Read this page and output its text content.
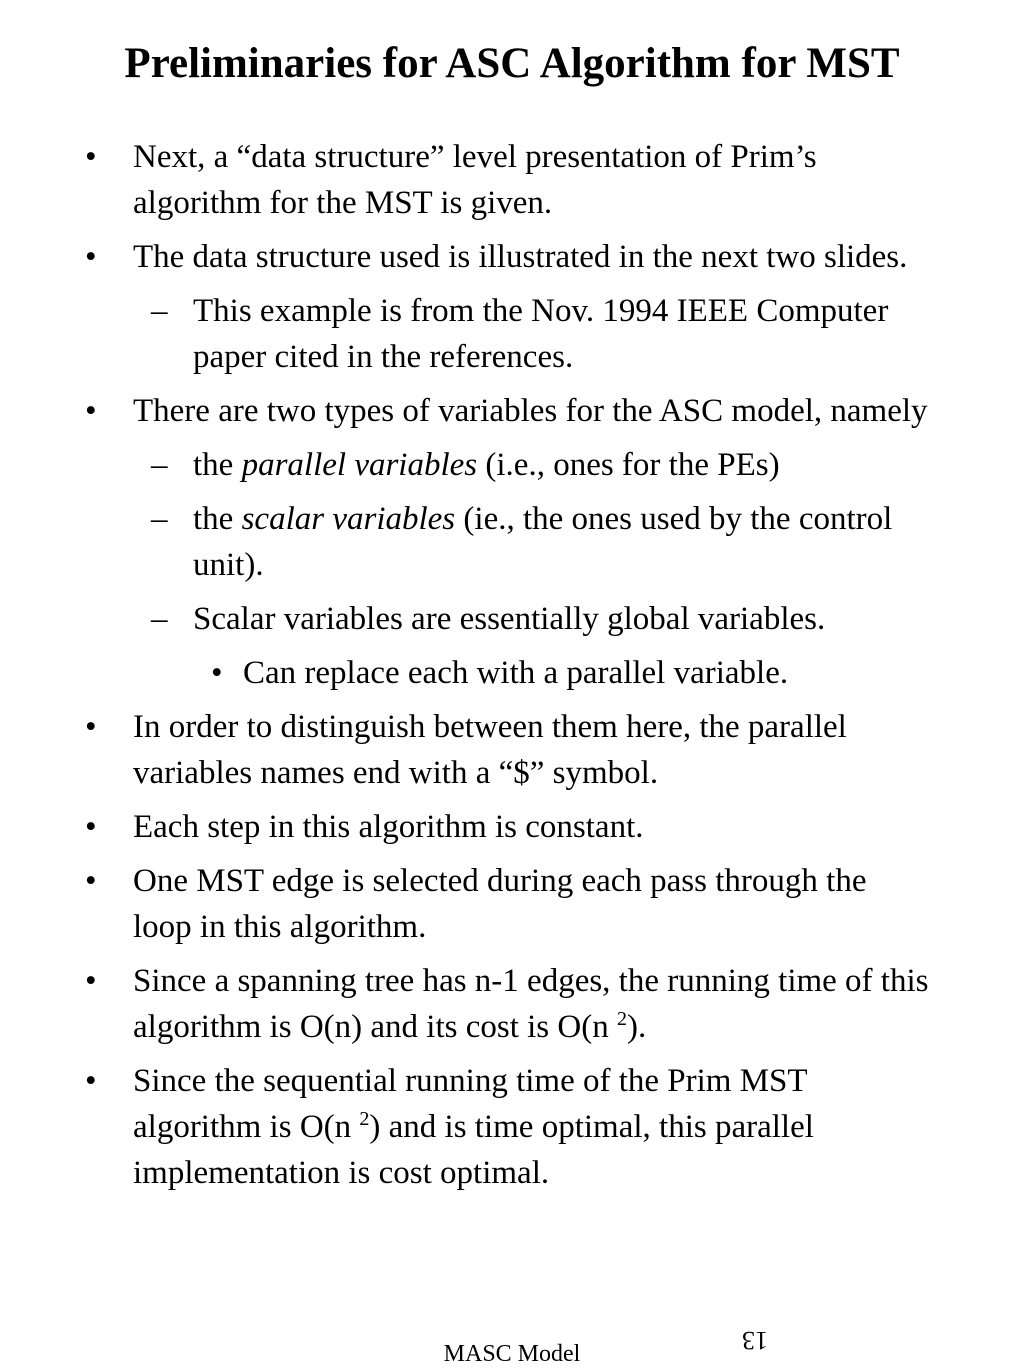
Preliminaries for ASC Algorithm for MST
• Next, a “data structure” level presentation of Prim’s algorithm for the MST is given.
• The data structure used is illustrated in the next two slides.
– This example is from the Nov. 1994 IEEE Computer paper cited in the references.
• There are two types of variables for the ASC model, namely
– the parallel variables (i.e., ones for the PEs)
– the scalar variables (ie., the ones used by the control unit).
– Scalar variables are essentially global variables.
• Can replace each with a parallel variable.
• In order to distinguish between them here, the parallel variables names end with a “$” symbol.
• Each step in this algorithm is constant.
• One MST edge is selected during each pass through the loop in this algorithm.
• Since a spanning tree has n-1 edges, the running time of this algorithm is O(n) and its cost is O(n $^2$).
• Since the sequential running time of the Prim MST algorithm is O(n $^2$) and is time optimal, this parallel implementation is cost optimal.
13
MASC Model
